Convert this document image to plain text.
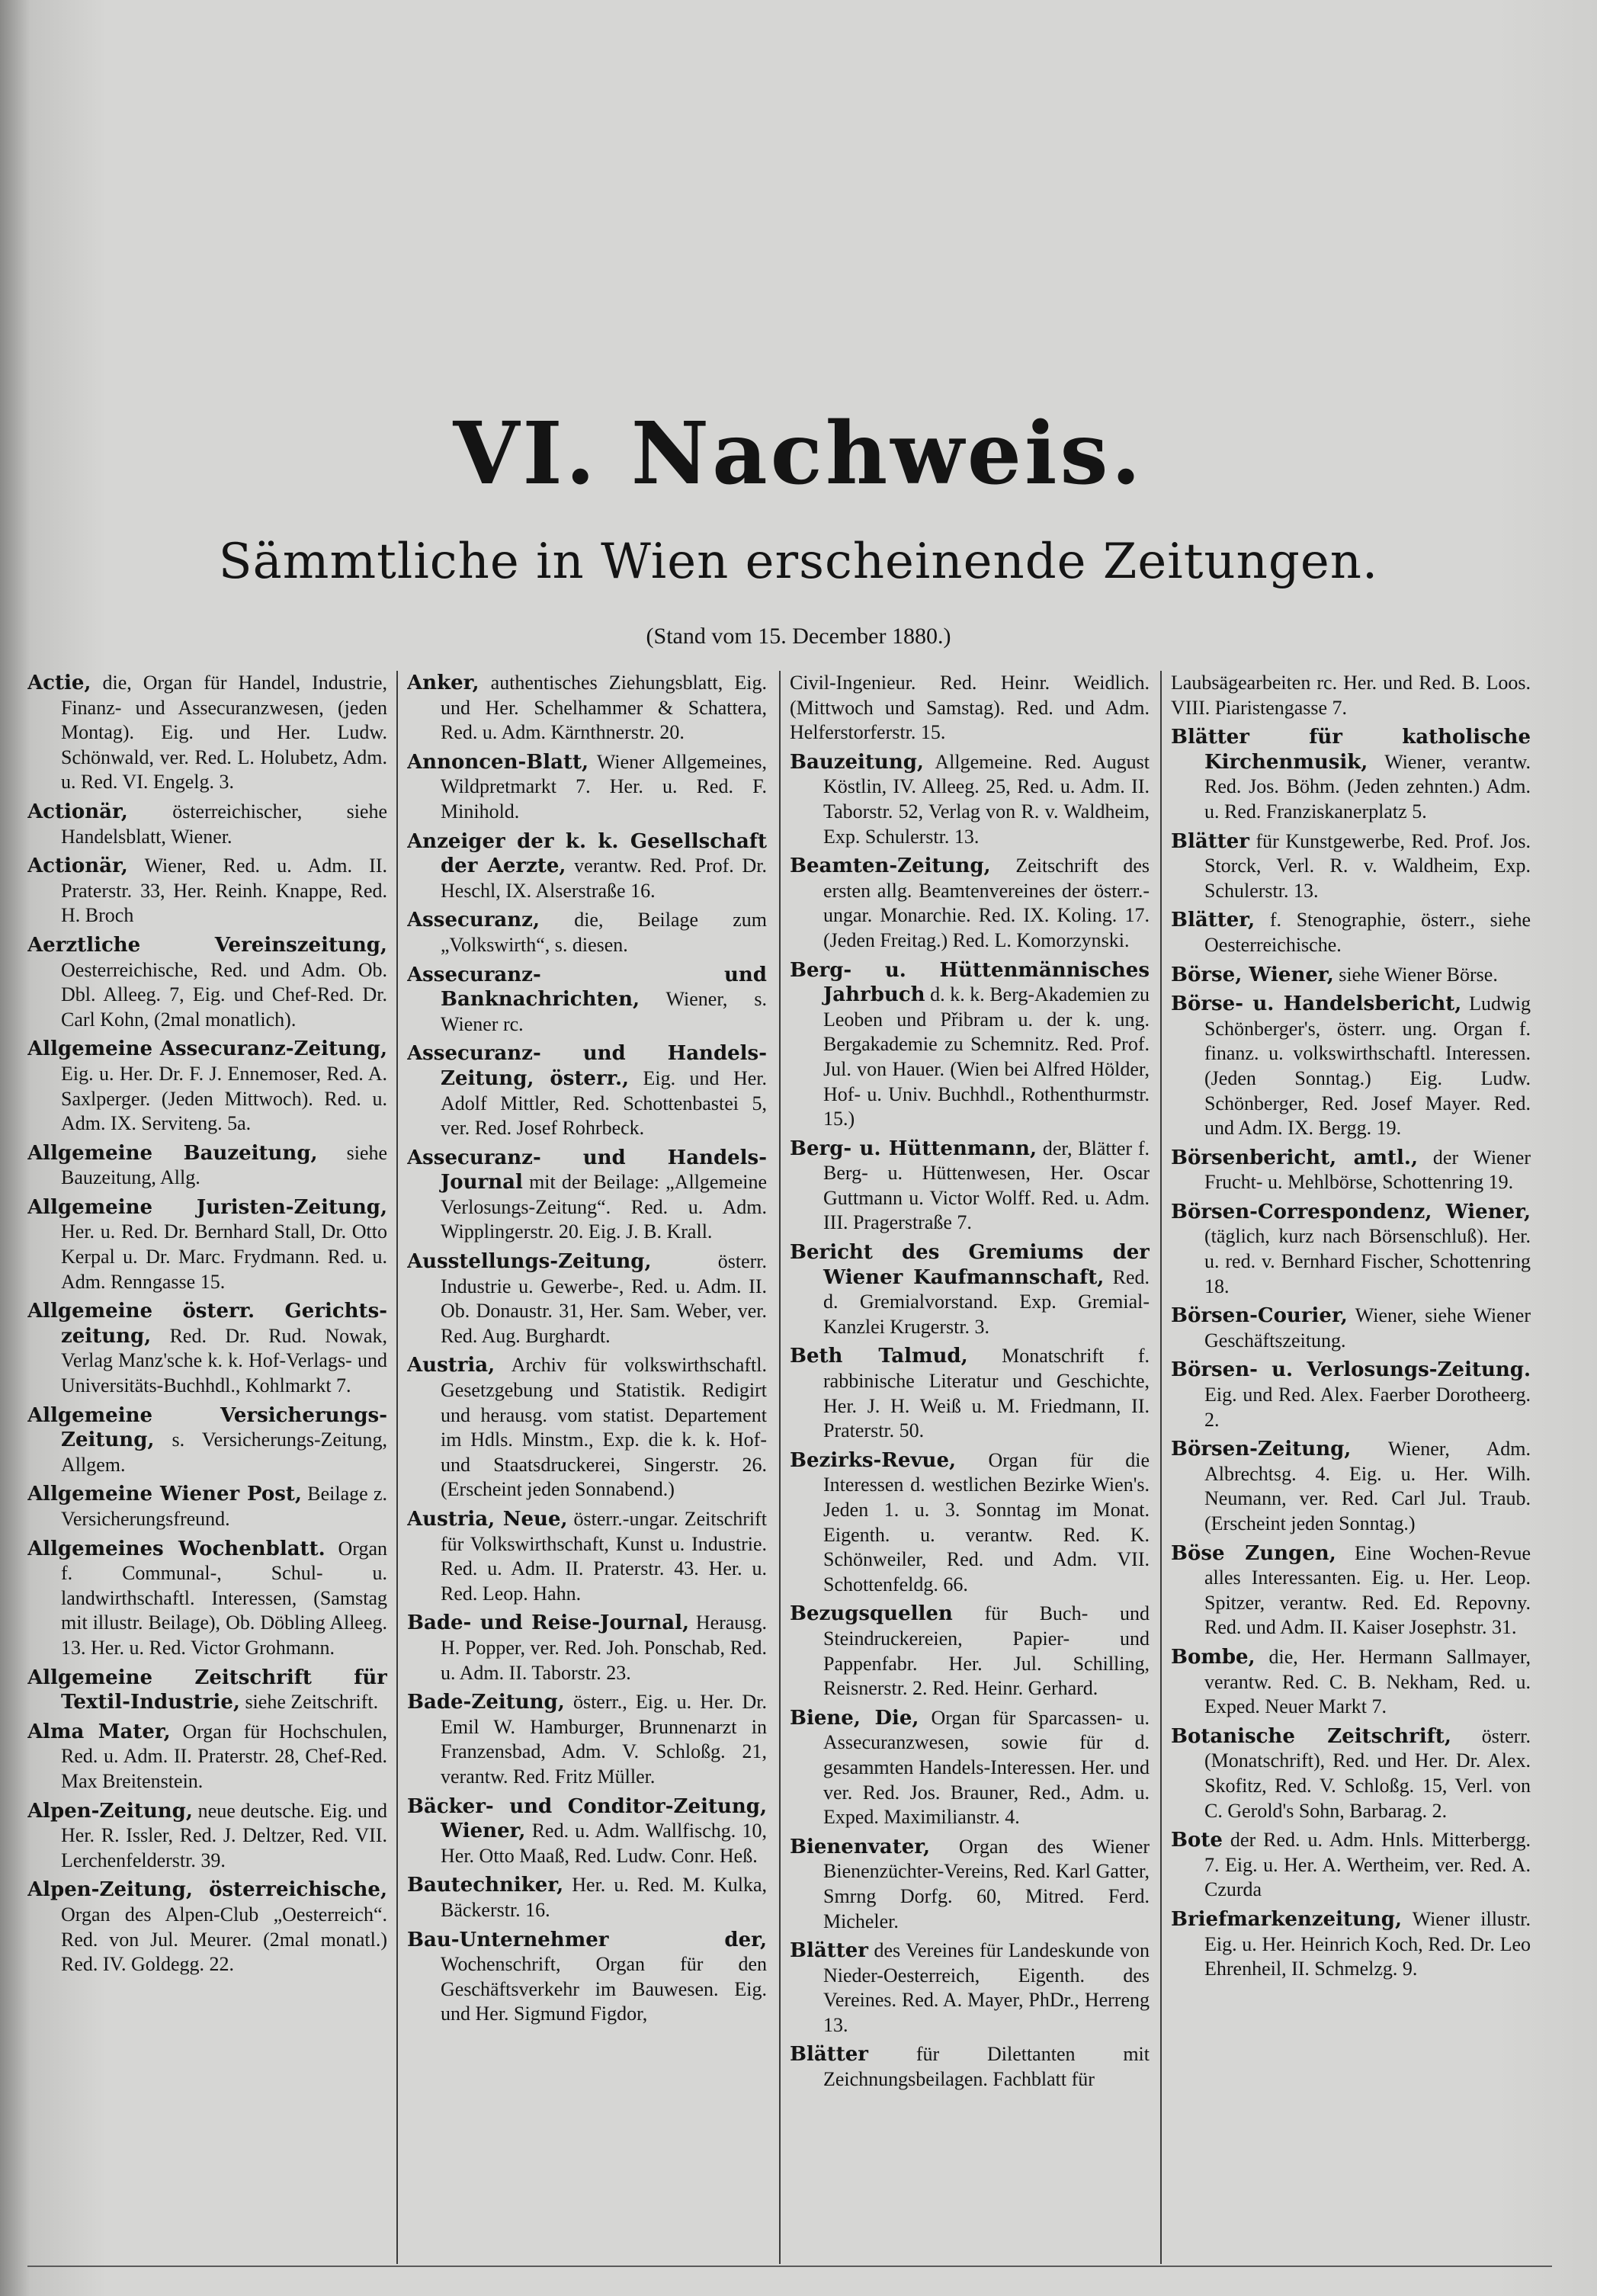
VI. Nachweis.
Sämmtliche in Wien erscheinende Zeitungen.
(Stand vom 15. December 1880.)
Actie, die, Organ für Handel, Industrie, Finanz- und Assecuranzwesen, (jeden Montag). Eig. und Her. Ludw. Schönwald, ver. Red. L. Holubetz, Adm. u. Red. VI. Engelg. 3.
Actionär, österreichischer, siehe Handelsblatt, Wiener.
Actionär, Wiener, Red. u. Adm. II. Praterstr. 33, Her. Reinh. Knappe, Red. H. Broch
Aerztliche Vereinszeitung, Oesterreichische, Red. und Adm. Ob. Dbl. Alleeg. 7, Eig. und Chef-Red. Dr. Carl Kohn, (2mal monatlich).
Allgemeine Assecuranz-Zeitung, Eig. u. Her. Dr. F. J. Ennemoser, Red. A. Saxlperger. (Jeden Mittwoch). Red. u. Adm. IX. Serviteng. 5a.
Allgemeine Bauzeitung, siehe Bauzeitung, Allg.
Allgemeine Juristen-Zeitung, Her. u. Red. Dr. Bernhard Stall, Dr. Otto Kerpal u. Dr. Marc. Frydmann. Red. u. Adm. Renngasse 15.
Allgemeine österr. Gerichts-zeitung, Red. Dr. Rud. Nowak, Verlag Manz'sche k. k. Hof-Verlags- und Universitäts-Buchhdl., Kohlmarkt 7.
Allgemeine Versicherungs-Zeitung, s. Versicherungs-Zeitung, Allgem.
Allgemeine Wiener Post, Beilage z. Versicherungsfreund.
Allgemeines Wochenblatt. Organ f. Communal-, Schul- u. landwirthschaftl. Interessen, (Samstag mit illustr. Beilage), Ob. Döbling Alleeg. 13. Her. u. Red. Victor Grohmann.
Allgemeine Zeitschrift für Textil-Industrie, siehe Zeitschrift.
Alma Mater, Organ für Hochschulen, Red. u. Adm. II. Praterstr. 28, Chef-Red. Max Breitenstein.
Alpen-Zeitung, neue deutsche. Eig. und Her. R. Issler, Red. J. Deltzer, Red. VII. Lerchenfelderstr. 39.
Alpen-Zeitung, österreichische, Organ des Alpen-Club „Oesterreich“. Red. von Jul. Meurer. (2mal monatl.) Red. IV. Goldegg. 22.
Anker, authentisches Ziehungsblatt, Eig. und Her. Schelhammer & Schattera, Red. u. Adm. Kärnthnerstr. 20.
Annoncen-Blatt, Wiener Allgemeines, Wildpretmarkt 7. Her. u. Red. F. Minihold.
Anzeiger der k. k. Gesellschaft der Aerzte, verantw. Red. Prof. Dr. Heschl, IX. Alserstraße 16.
Assecuranz, die, Beilage zum „Volkswirth“, s. diesen.
Assecuranz- und Banknachrichten, Wiener, s. Wiener rc.
Assecuranz- und Handels-Zeitung, österr., Eig. und Her. Adolf Mittler, Red. Schottenbastei 5, ver. Red. Josef Rohrbeck.
Assecuranz- und Handels-Journal mit der Beilage: „Allgemeine Verlosungs-Zeitung“. Red. u. Adm. Wipplingerstr. 20. Eig. J. B. Krall.
Ausstellungs-Zeitung,	österr. Industrie u. Gewerbe-, Red. u. Adm. II. Ob. Donaustr. 31, Her. Sam. Weber, ver. Red. Aug. Burghardt.
Austria, Archiv für volkswirthschaftl. Gesetzgebung und Statistik. Redigirt und herausg. vom statist. Departement im Hdls. Minstm., Exp. die k. k. Hof- und Staatsdruckerei, Singerstr. 26. (Erscheint jeden Sonnabend.)
Austria, Neue, österr.-ungar. Zeitschrift für Volkswirthschaft, Kunst u. Industrie. Red. u. Adm. II. Praterstr. 43. Her. u. Red. Leop. Hahn.
Bade- und Reise-Journal, Herausg. H. Popper, ver. Red. Joh. Ponschab, Red. u. Adm. II. Taborstr. 23.
Bade-Zeitung, österr., Eig. u. Her. Dr. Emil W. Hamburger, Brunnenarzt in Franzensbad, Adm. V. Schloßg. 21, verantw. Red. Fritz Müller.
Bäcker- und Conditor-Zeitung, Wiener, Red. u. Adm. Wallfischg. 10, Her. Otto Maaß, Red. Ludw. Conr. Heß.
Bautechniker, Her. u. Red. M. Kulka, Bäckerstr. 16.
Bau-Unternehmer der, Wochenschrift, Organ für den Geschäftsverkehr im Bauwesen. Eig. und Her. Sigmund Figdor,
Civil-Ingenieur. Red. Heinr. Weidlich. (Mittwoch und Samstag). Red. und Adm. Helferstorferstr. 15.
Bauzeitung, Allgemeine. Red. August Köstlin, IV. Alleeg. 25, Red. u. Adm. II. Taborstr. 52, Verlag von R. v. Waldheim, Exp. Schulerstr. 13.
Beamten-Zeitung, Zeitschrift des ersten allg. Beamtenvereines der österr.-ungar. Monarchie. Red. IX. Koling. 17. (Jeden Freitag.) Red. L. Komorzynski.
Berg- u. Hüttenmännisches Jahrbuch d. k. k. Berg-Akademien zu Leoben und Přibram u. der k. ung. Bergakademie zu Schemnitz. Red. Prof. Jul. von Hauer. (Wien bei Alfred Hölder, Hof- u. Univ. Buchhdl., Rothenthurmstr. 15.)
Berg- u. Hüttenmann, der, Blätter f. Berg- u. Hüttenwesen, Her. Oscar Guttmann u. Victor Wolff. Red. u. Adm. III. Pragerstraße 7.
Bericht des Gremiums der Wiener Kaufmannschaft, Red. d. Gremialvorstand. Exp. Gremial-Kanzlei Krugerstr. 3.
Beth Talmud, Monatschrift f. rabbinische Literatur und Geschichte, Her. J. H. Weiß u. M. Friedmann, II. Praterstr. 50.
Bezirks-Revue, Organ für die Interessen d. westlichen Bezirke Wien's. Jeden 1. u. 3. Sonntag im Monat. Eigenth. u. verantw. Red. K. Schönweiler, Red. und Adm. VII. Schottenfeldg. 66.
Bezugsquellen für Buch- und Steindruckereien, Papier- und Pappenfabr. Her. Jul. Schilling, Reisnerstr. 2. Red. Heinr. Gerhard.
Biene, Die, Organ für Sparcassen- u. Assecuranzwesen, sowie für d. gesammten Handels-Interessen. Her. und ver. Red. Jos. Brauner, Red., Adm. u. Exped. Maximilianstr. 4.
Bienenvater, Organ des Wiener Bienenzüchter-Vereins, Red. Karl Gatter, Smrng Dorfg. 60, Mitred. Ferd. Micheler.
Blätter des Vereines für Landeskunde von Nieder-Oesterreich, Eigenth. des Vereines. Red. A. Mayer, PhDr., Herreng 13.
Blätter für Dilettanten mit Zeichnungsbeilagen. Fachblatt für
Laubsägearbeiten rc. Her. und Red. B. Loos. VIII. Piaristengasse 7.
Blätter für katholische Kirchenmusik, Wiener, verantw. Red. Jos. Böhm. (Jeden zehnten.) Adm. u. Red. Franziskanerplatz 5.
Blätter für Kunstgewerbe, Red. Prof. Jos. Storck, Verl. R. v. Waldheim, Exp. Schulerstr. 13.
Blätter, f. Stenographie, österr., siehe Oesterreichische.
Börse, Wiener, siehe Wiener Börse.
Börse- u. Handelsbericht, Ludwig Schönberger's, österr. ung. Organ f. finanz. u. volkswirthschaftl. Interessen. (Jeden Sonntag.) Eig. Ludw. Schönberger, Red. Josef Mayer. Red. und Adm. IX. Bergg. 19.
Börsenbericht, amtl., der Wiener Frucht- u. Mehlbörse, Schottenring 19.
Börsen-Correspondenz, Wiener, (täglich, kurz nach Börsenschluß). Her. u. red. v. Bernhard Fischer, Schottenring 18.
Börsen-Courier, Wiener, siehe Wiener Geschäftszeitung.
Börsen- u. Verlosungs-Zeitung. Eig. und Red. Alex. Faerber Dorotheerg. 2.
Börsen-Zeitung, Wiener, Adm. Albrechtsg. 4. Eig. u. Her. Wilh. Neumann, ver. Red. Carl Jul. Traub. (Erscheint jeden Sonntag.)
Böse Zungen, Eine Wochen-Revue alles Interessanten. Eig. u. Her. Leop. Spitzer, verantw. Red. Ed. Repovny. Red. und Adm. II. Kaiser Josephstr. 31.
Bombe, die, Her. Hermann Sallmayer, verantw. Red. C. B. Nekham, Red. u. Exped. Neuer Markt 7.
Botanische Zeitschrift, österr. (Monatschrift), Red. und Her. Dr. Alex. Skofitz, Red. V. Schloßg. 15, Verl. von C. Gerold's Sohn, Barbarag. 2.
Bote der Red. u. Adm. Hnls. Mitterbergg. 7. Eig. u. Her. A. Wertheim, ver. Red. A. Czurda
Briefmarkenzeitung, Wiener illustr. Eig. u. Her. Heinrich Koch, Red. Dr. Leo Ehrenheil, II. Schmelzg. 9.
